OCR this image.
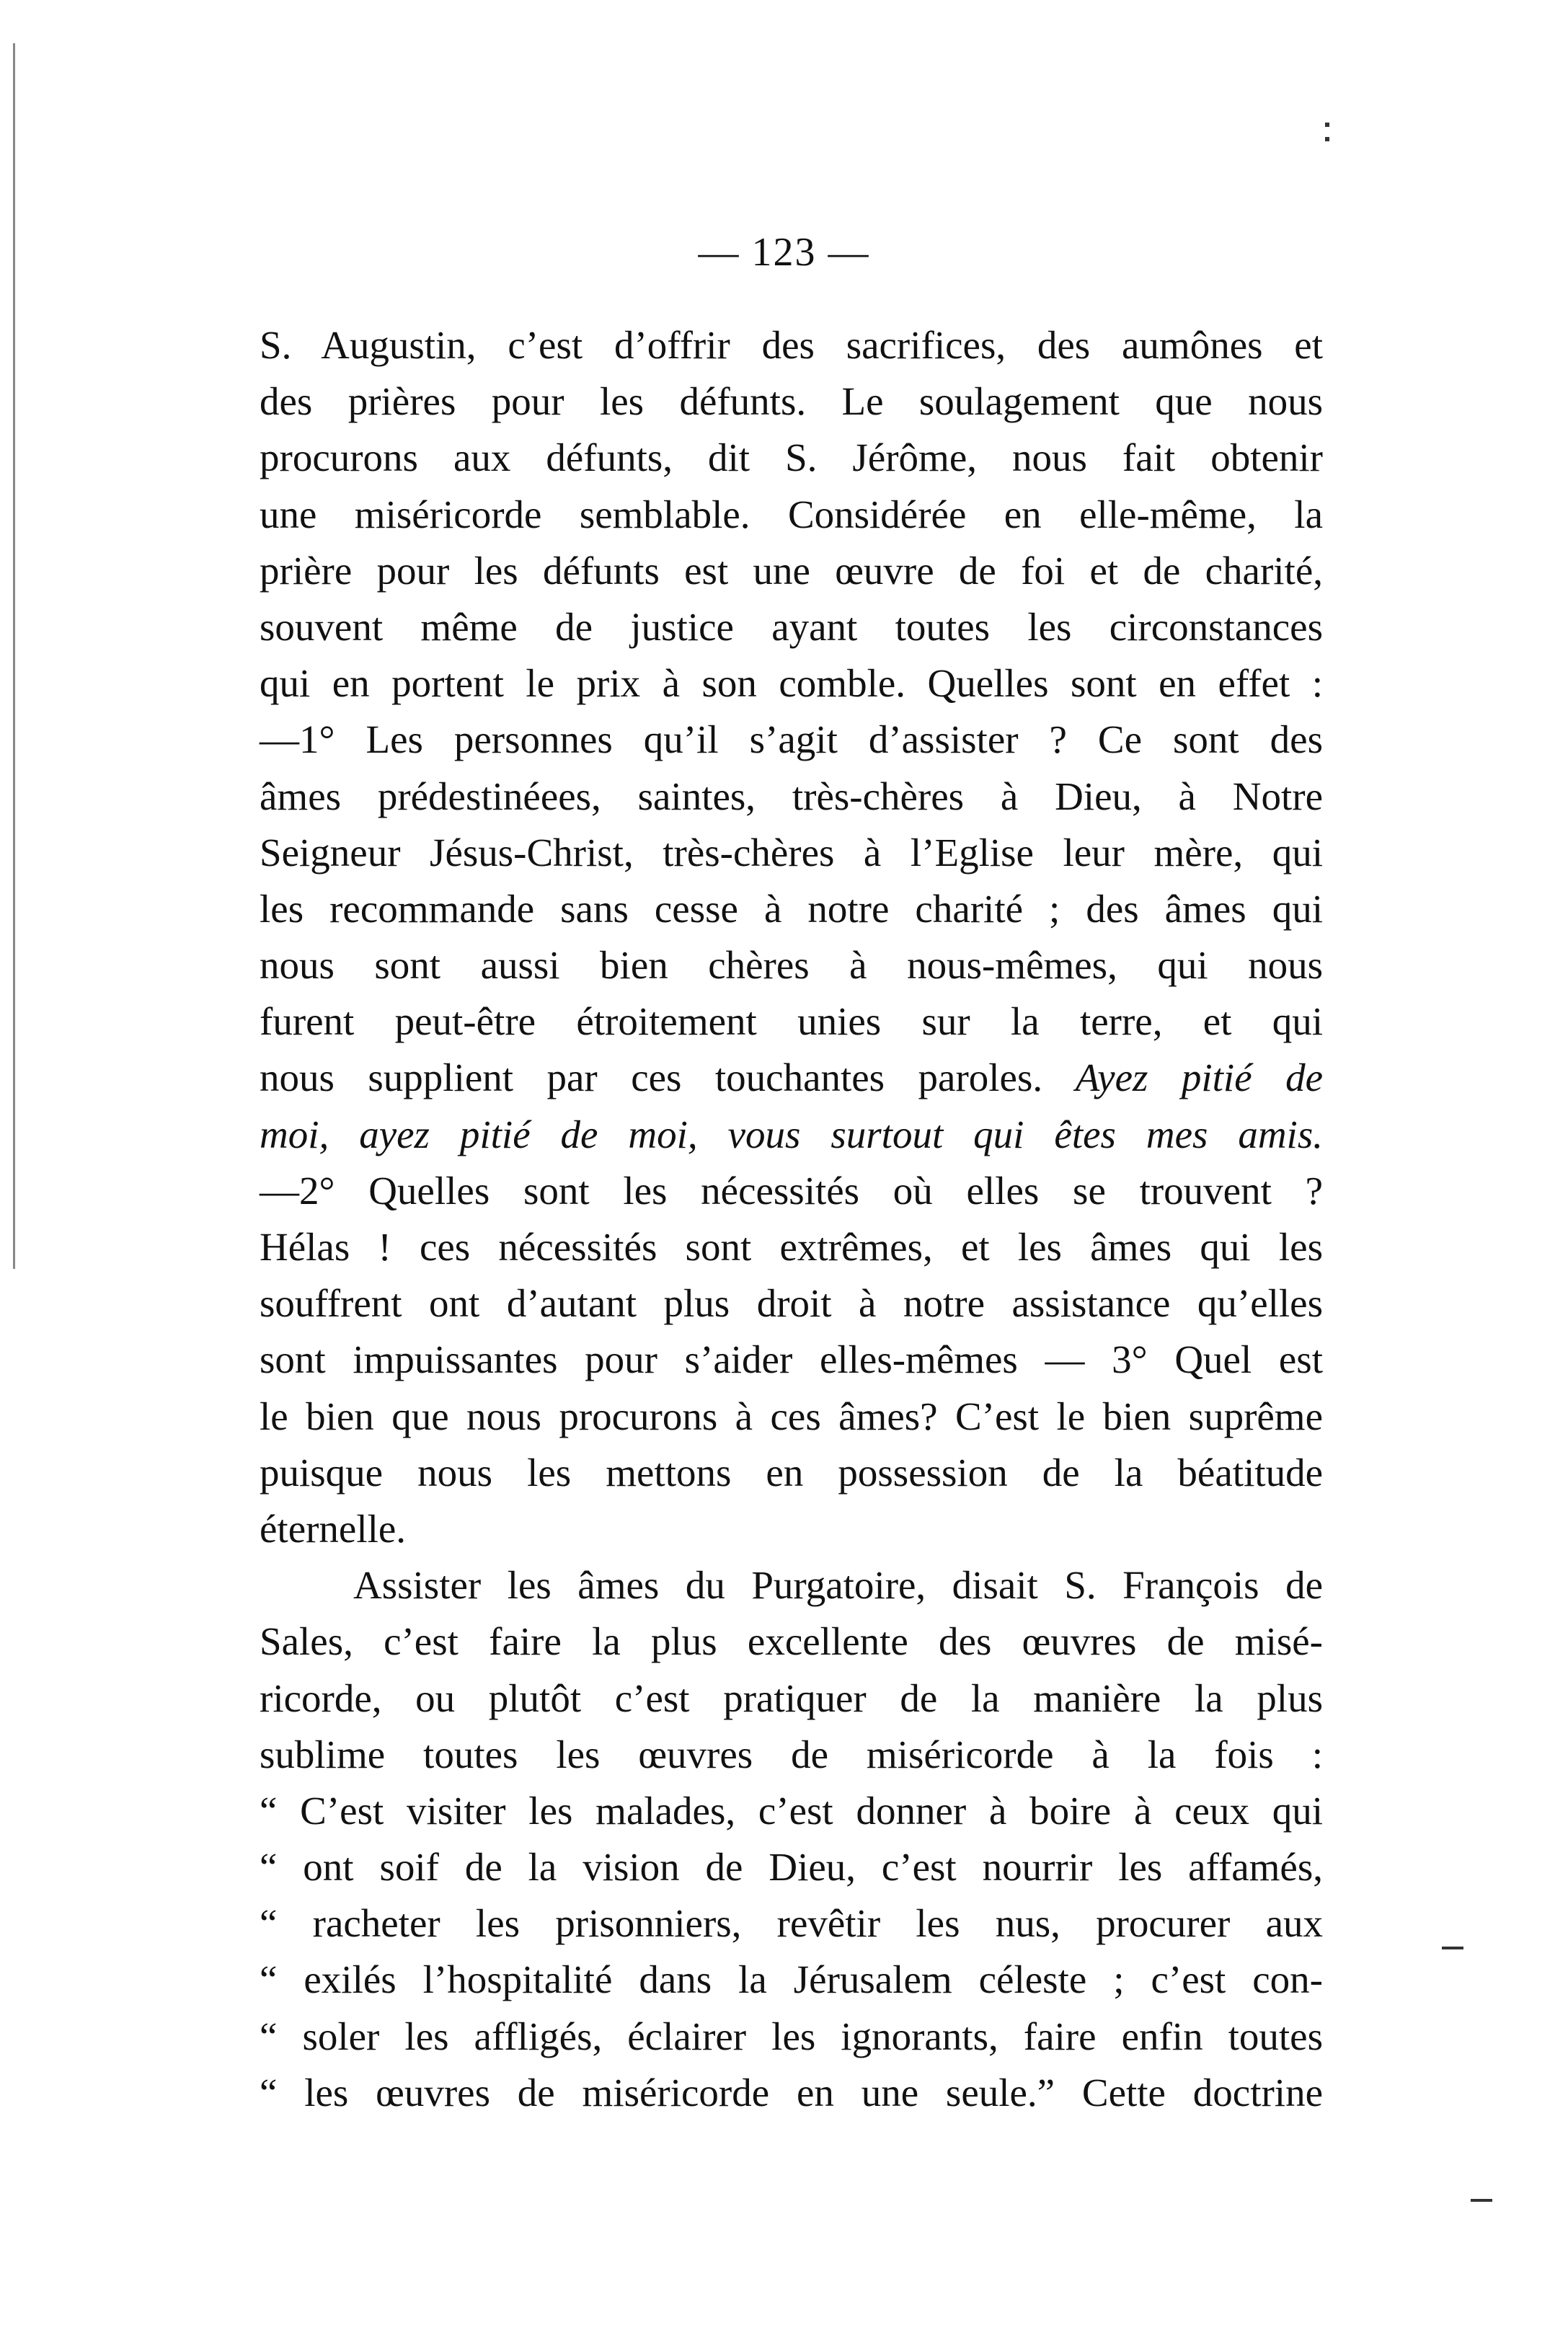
— 123 —
S. Augustin, c’est d’offrir des sacrifices, des aumônes et
des prières pour les défunts. Le soulagement que nous
procurons aux défunts, dit S. Jérôme, nous fait obtenir
une miséricorde semblable. Considérée en elle-même, la
prière pour les défunts est une œuvre de foi et de charité,
souvent même de justice ayant toutes les circonstances
qui en portent le prix à son comble. Quelles sont en effet :
—1° Les personnes qu’il s’agit d’assister ? Ce sont des
âmes prédestinéees, saintes, très-chères à Dieu, à Notre
Seigneur Jésus-Christ, très-chères à l’Eglise leur mère, qui
les recommande sans cesse à notre charité ; des âmes qui
nous sont aussi bien chères à nous-mêmes, qui nous
furent peut-être étroitement unies sur la terre, et qui
nous supplient par ces touchantes paroles. Ayez pitié de
moi, ayez pitié de moi, vous surtout qui êtes mes amis.
—2° Quelles sont les nécessités où elles se trouvent ?
Hélas ! ces nécessités sont extrêmes, et les âmes qui les
souffrent ont d’autant plus droit à notre assistance qu’elles
sont impuissantes pour s’aider elles-mêmes — 3° Quel est
le bien que nous procurons à ces âmes? C’est le bien suprême
puisque nous les mettons en possession de la béatitude
éternelle.
Assister les âmes du Purgatoire, disait S. François de
Sales, c’est faire la plus excellente des œuvres de misé-
ricorde, ou plutôt c’est pratiquer de la manière la plus
sublime toutes les œuvres de miséricorde à la fois :
“ C’est visiter les malades, c’est donner à boire à ceux qui
“ ont soif de la vision de Dieu, c’est nourrir les affamés,
“ racheter les prisonniers, revêtir les nus, procurer aux
“ exilés l’hospitalité dans la Jérusalem céleste ; c’est con-
“ soler les affligés, éclairer les ignorants, faire enfin toutes
“ les œuvres de miséricorde en une seule.” Cette doctrine
